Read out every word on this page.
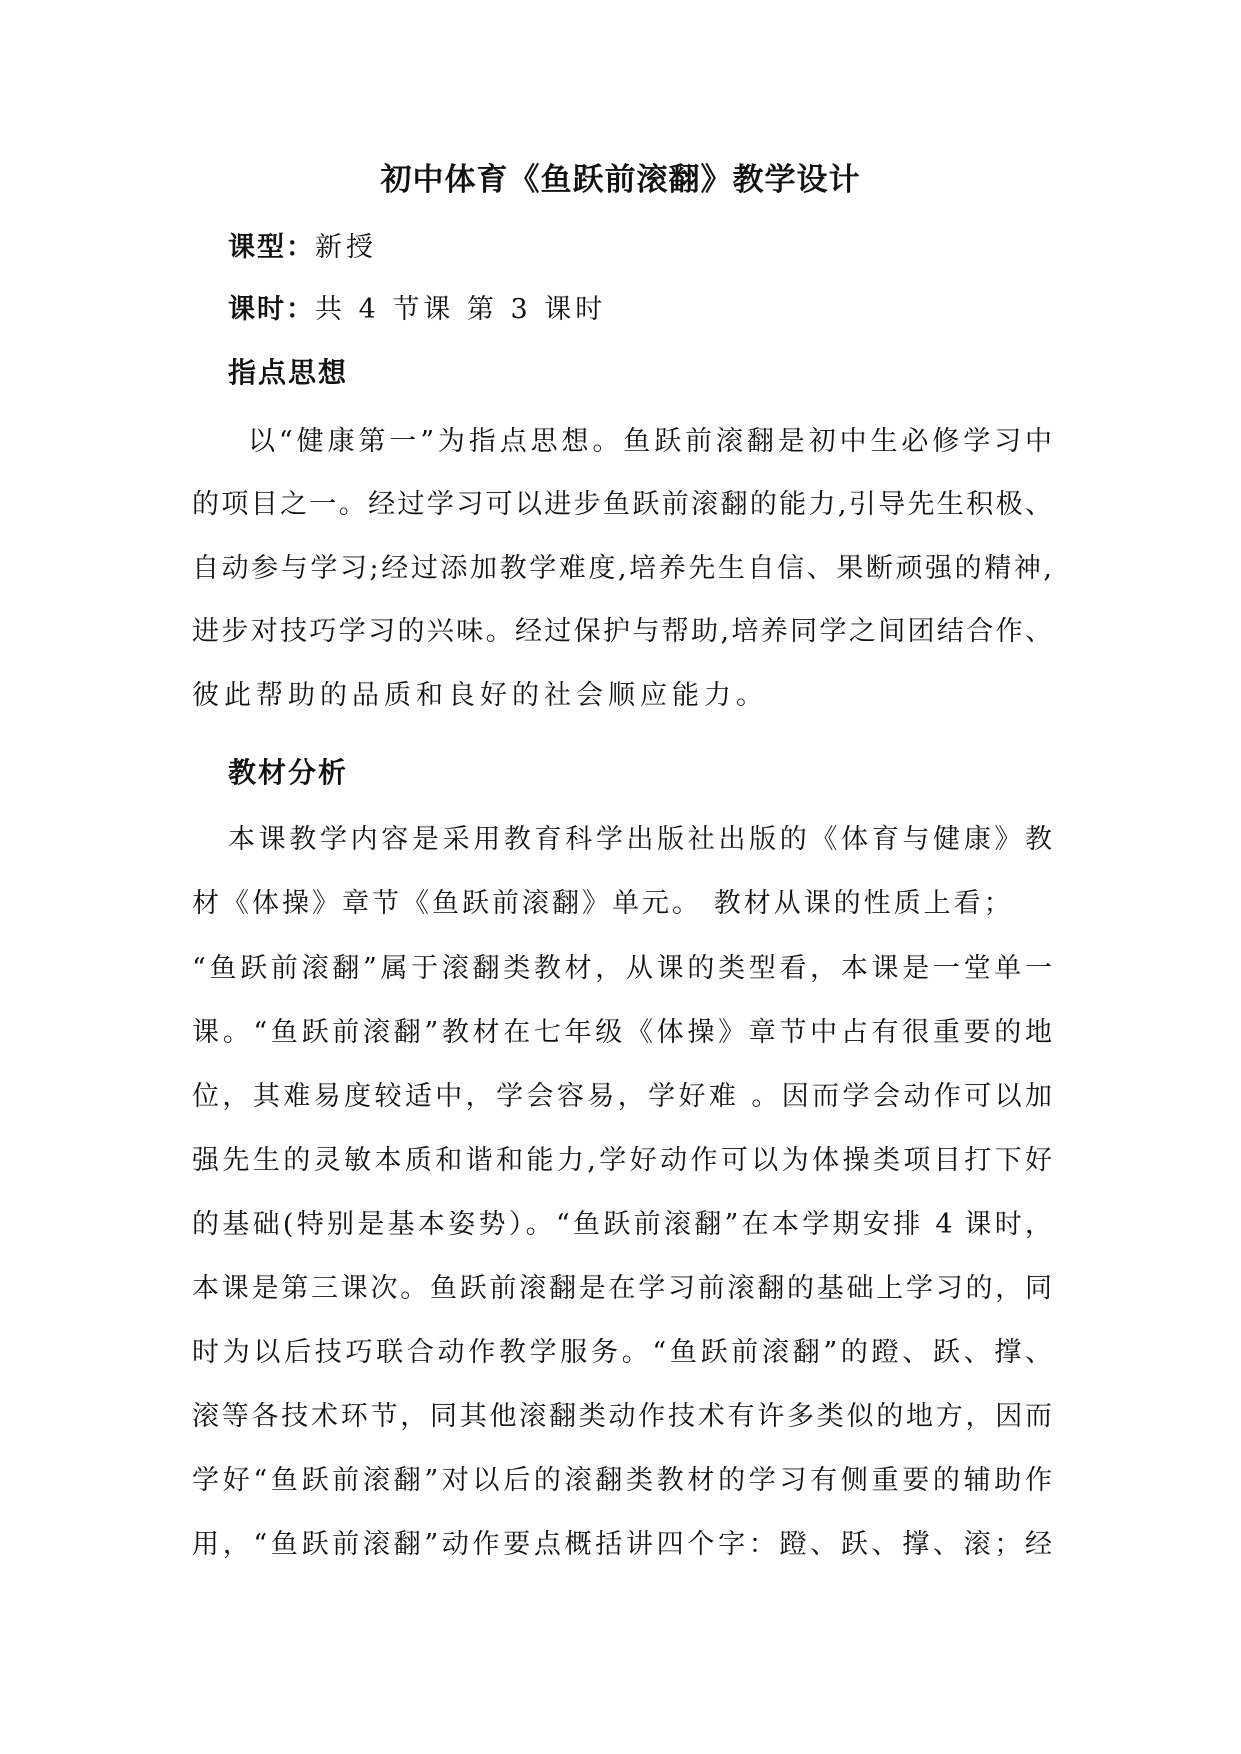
初中体育《鱼跃前滚翻》教学设计
课型：新授
课时：共 4 节课 第 3 课时
指点思想
以“健康第一”为指点思想。鱼跃前滚翻是初中生必修学习中
的项目之一。经过学习可以进步鱼跃前滚翻的能力,引导先生积极、
自动参与学习;经过添加教学难度,培养先生自信、果断顽强的精神,
进步对技巧学习的兴味。经过保护与帮助,培养同学之间团结合作、
彼此帮助的品质和良好的社会顺应能力。
教材分析
本课教学内容是采用教育科学出版社出版的《体育与健康》教
材《体操》章节《鱼跃前滚翻》单元。 教材从课的性质上看；
“鱼跃前滚翻”属于滚翻类教材，从课的类型看，本课是一堂单一
课。“鱼跃前滚翻”教材在七年级《体操》章节中占有很重要的地
位，其难易度较适中，学会容易，学好难 。因而学会动作可以加
强先生的灵敏本质和谐和能力,学好动作可以为体操类项目打下好
的基础(特别是基本姿势）。“鱼跃前滚翻”在本学期安排 4 课时，
本课是第三课次。鱼跃前滚翻是在学习前滚翻的基础上学习的，同
时为以后技巧联合动作教学服务。“鱼跃前滚翻”的蹬、跃、撑、
滚等各技术环节，同其他滚翻类动作技术有许多类似的地方，因而
学好“鱼跃前滚翻”对以后的滚翻类教材的学习有侧重要的辅助作
用，“鱼跃前滚翻”动作要点概括讲四个字：蹬、跃、撑、滚；经
